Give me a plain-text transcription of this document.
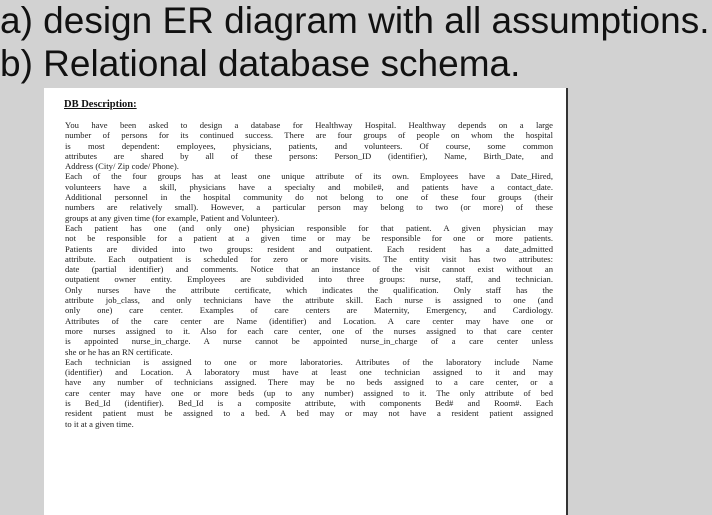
a) design ER diagram with all assumptions.
b) Relational database schema.
DB Description:
You have been asked to design a database for Healthway Hospital. Healthway depends on a large
number of persons for its continued success. There are four groups of people on whom the hospital
is most dependent: employees, physicians, patients, and volunteers. Of course, some common
attributes are shared by all of these persons: Person_ID (identifier), Name, Birth_Date, and
Address (City/ Zip code/ Phone).
Each of the four groups has at least one unique attribute of its own. Employees have a Date_Hired,
volunteers have a skill, physicians have a specialty and mobile#, and patients have a contact_date.
Additional personnel in the hospital community do not belong to one of these four groups (their
numbers are relatively small). However, a particular person may belong to two (or more) of these
groups at any given time (for example, Patient and Volunteer).
Each patient has one (and only one) physician responsible for that patient. A given physician may
not be responsible for a patient at a given time or may be responsible for one or more patients.
Patients are divided into two groups: resident and outpatient. Each resident has a date_admitted
attribute. Each outpatient is scheduled for zero or more visits. The entity visit has two attributes:
date (partial identifier) and comments. Notice that an instance of the visit cannot exist without an
outpatient owner entity. Employees are subdivided into three groups: nurse, staff, and technician.
Only nurses have the attribute certificate, which indicates the qualification. Only staff has the
attribute job_class, and only technicians have the attribute skill. Each nurse is assigned to one (and
only one) care center. Examples of care centers are Maternity, Emergency, and Cardiology.
Attributes of the care center are Name (identifier) and Location. A care center may have one or
more nurses assigned to it. Also for each care center, one of the nurses assigned to that care center
is appointed nurse_in_charge. A nurse cannot be appointed nurse_in_charge of a care center unless
she or he has an RN certificate.
Each technician is assigned to one or more laboratories. Attributes of the laboratory include Name
(identifier) and Location. A laboratory must have at least one technician assigned to it and may
have any number of technicians assigned. There may be no beds assigned to a care center, or a
care center may have one or more beds (up to any number) assigned to it. The only attribute of bed
is Bed_Id (identifier). Bed_Id is a composite attribute, with components Bed# and Room#. Each
resident patient must be assigned to a bed. A bed may or may not have a resident patient assigned
to it at a given time.
